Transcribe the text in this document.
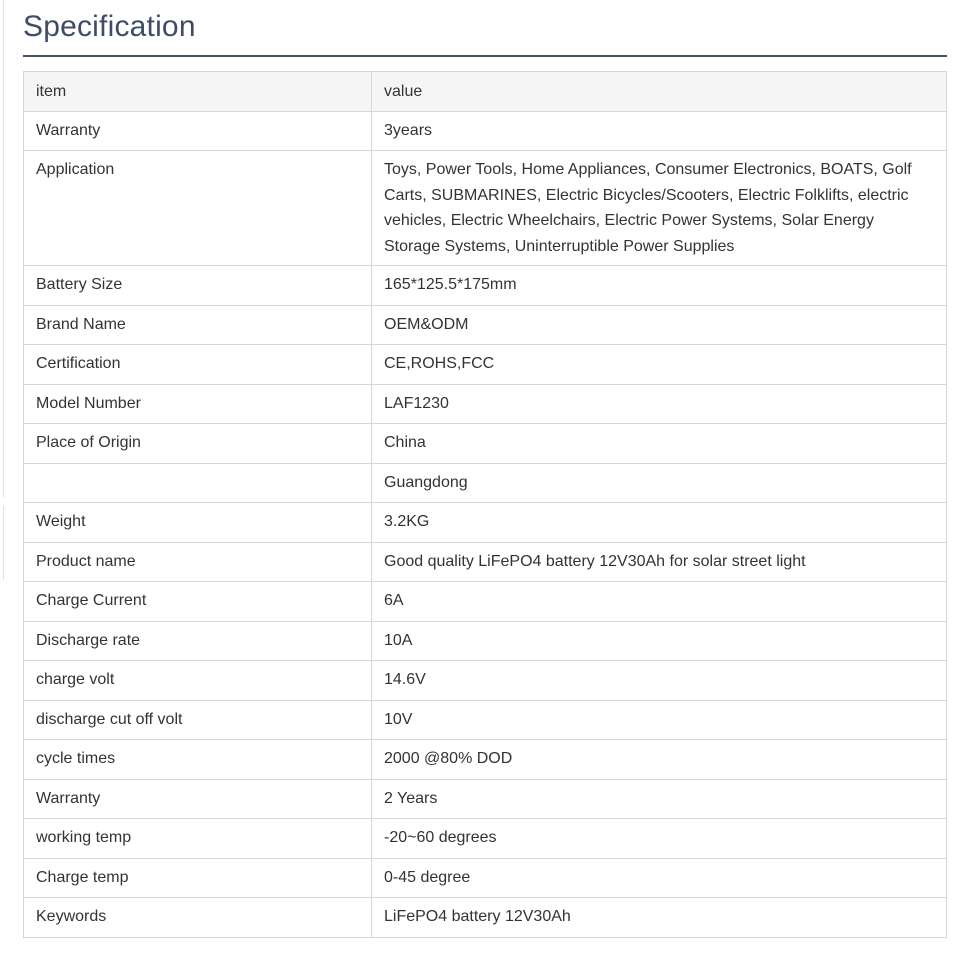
Specification
item	value
Warranty	3years
Application	Toys, Power Tools, Home Appliances, Consumer Electronics, BOATS, Golf Carts, SUBMARINES, Electric Bicycles/Scooters, Electric Folklifts, electric vehicles, Electric Wheelchairs, Electric Power Systems, Solar Energy Storage Systems, Uninterruptible Power Supplies
Battery Size	165*125.5*175mm
Brand Name	OEM&ODM
Certification	CE,ROHS,FCC
Model Number	LAF1230
Place of Origin	China
	Guangdong
Weight	3.2KG
Product name	Good quality LiFePO4 battery 12V30Ah for solar street light
Charge Current	6A
Discharge rate	10A
charge volt	14.6V
discharge cut off volt	10V
cycle times	2000 @80% DOD
Warranty	2 Years
working temp	-20~60 degrees
Charge temp	0-45 degree
Keywords	LiFePO4 battery 12V30Ah
